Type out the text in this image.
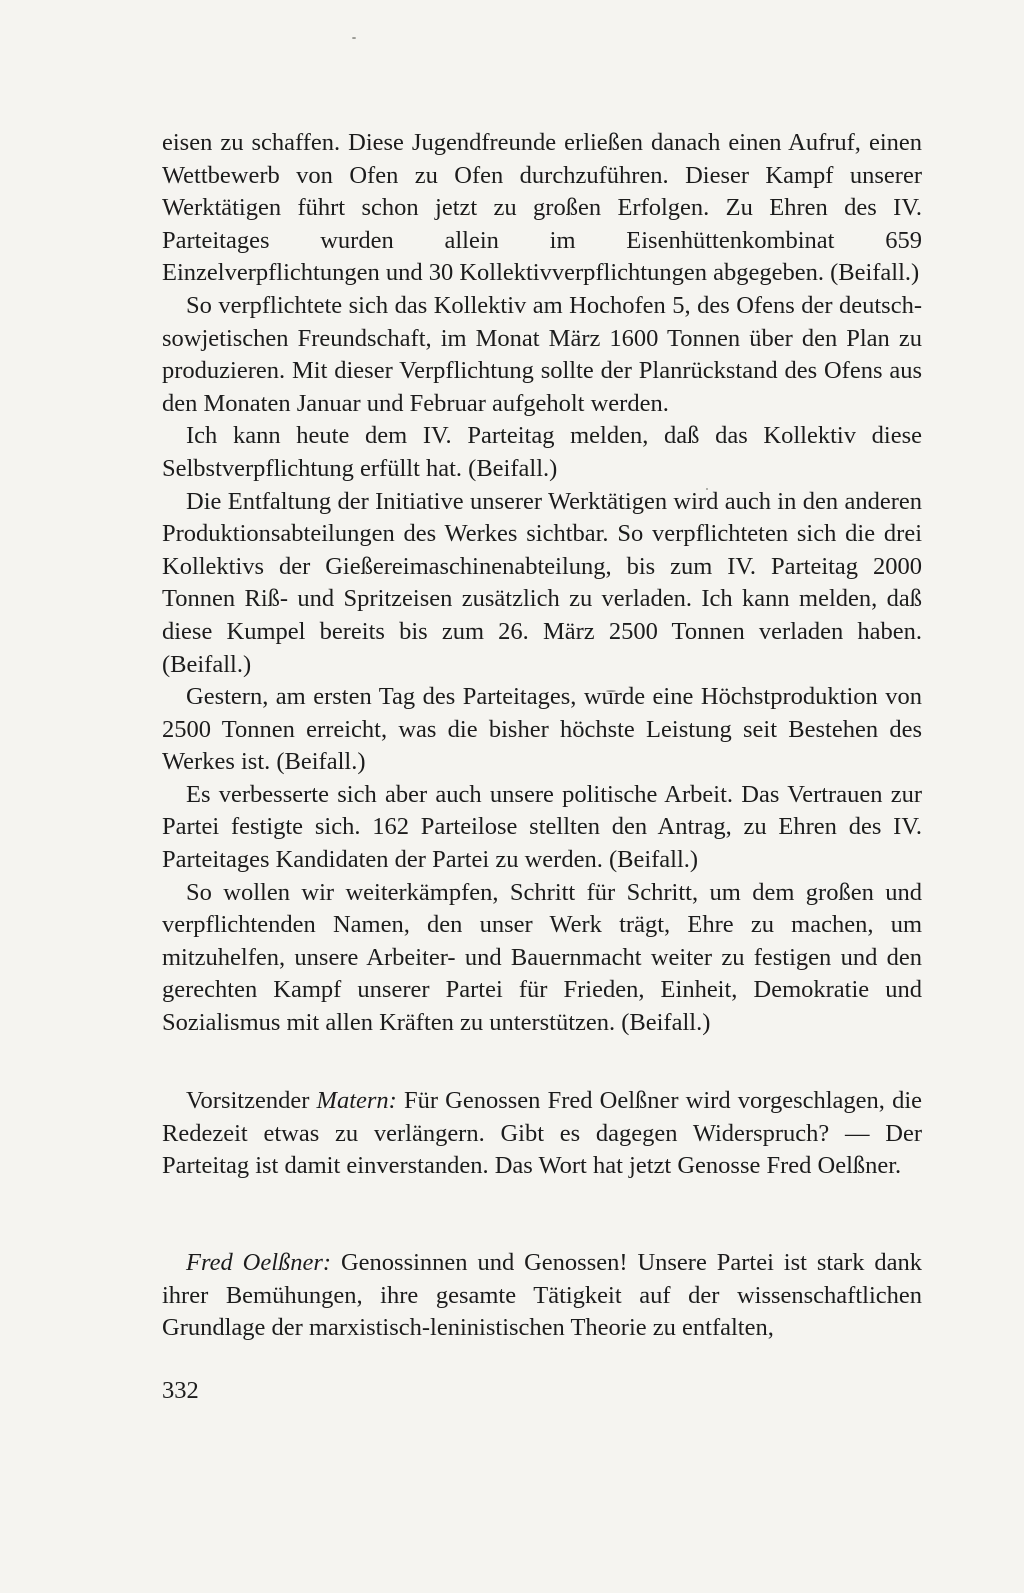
eisen zu schaffen. Diese Jugendfreunde erließen danach einen Aufruf, einen Wettbewerb von Ofen zu Ofen durchzuführen. Dieser Kampf unserer Werktätigen führt schon jetzt zu großen Erfolgen. Zu Ehren des IV. Parteitages wurden allein im Eisenhüttenkombinat 659 Einzelverpflichtungen und 30 Kollektivverpflichtungen abgegeben. (Beifall.)

So verpflichtete sich das Kollektiv am Hochofen 5, des Ofens der deutsch-sowjetischen Freundschaft, im Monat März 1600 Tonnen über den Plan zu produzieren. Mit dieser Verpflichtung sollte der Planrückstand des Ofens aus den Monaten Januar und Februar aufgeholt werden.

Ich kann heute dem IV. Parteitag melden, daß das Kollektiv diese Selbstverpflichtung erfüllt hat. (Beifall.)

Die Entfaltung der Initiative unserer Werktätigen wird auch in den anderen Produktionsabteilungen des Werkes sichtbar. So verpflichteten sich die drei Kollektivs der Gießereimaschinenabteilung, bis zum IV. Parteitag 2000 Tonnen Riß- und Spritzeisen zusätzlich zu verladen. Ich kann melden, daß diese Kumpel bereits bis zum 26. März 2500 Tonnen verladen haben. (Beifall.)

Gestern, am ersten Tag des Parteitages, wurde eine Höchstproduktion von 2500 Tonnen erreicht, was die bisher höchste Leistung seit Bestehen des Werkes ist. (Beifall.)

Es verbesserte sich aber auch unsere politische Arbeit. Das Vertrauen zur Partei festigte sich. 162 Parteilose stellten den Antrag, zu Ehren des IV. Parteitages Kandidaten der Partei zu werden. (Beifall.)

So wollen wir weiterkämpfen, Schritt für Schritt, um dem großen und verpflichtenden Namen, den unser Werk trägt, Ehre zu machen, um mitzuhelfen, unsere Arbeiter- und Bauernmacht weiter zu festigen und den gerechten Kampf unserer Partei für Frieden, Einheit, Demokratie und Sozialismus mit allen Kräften zu unterstützen. (Beifall.)

Vorsitzender Matern: Für Genossen Fred Oelßner wird vorgeschlagen, die Redezeit etwas zu verlängern. Gibt es dagegen Widerspruch? — Der Parteitag ist damit einverstanden. Das Wort hat jetzt Genosse Fred Oelßner.

Fred Oelßner: Genossinnen und Genossen! Unsere Partei ist stark dank ihrer Bemühungen, ihre gesamte Tätigkeit auf der wissenschaftlichen Grundlage der marxistisch-leninistischen Theorie zu entfalten,

332
